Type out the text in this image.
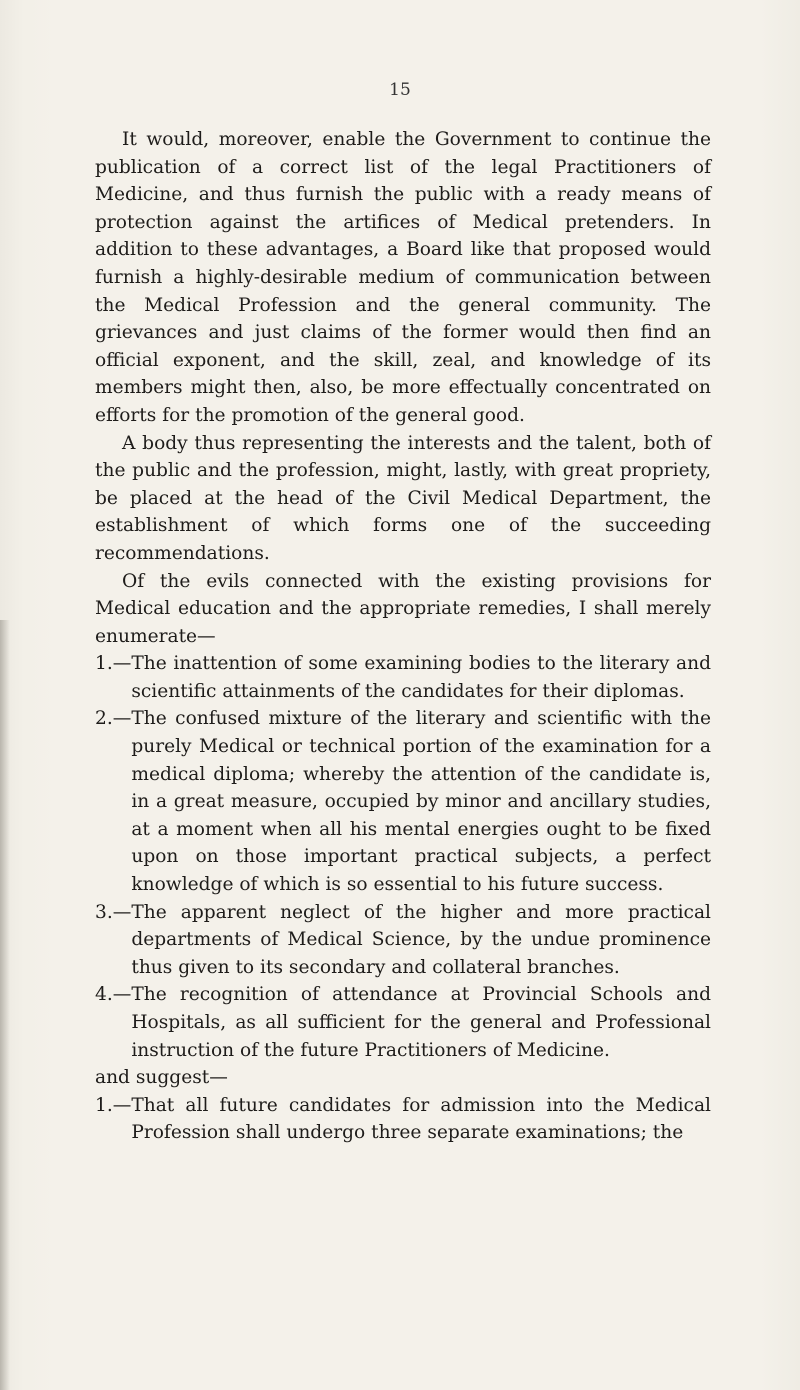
15

It would, moreover, enable the Government to continue the publication of a correct list of the legal Practitioners of Medicine, and thus furnish the public with a ready means of protection against the artifices of Medical pretenders. In addition to these advantages, a Board like that proposed would furnish a highly-desirable medium of communication between the Medical Profession and the general community. The grievances and just claims of the former would then find an official exponent, and the skill, zeal, and knowledge of its members might then, also, be more effectually concentrated on efforts for the promotion of the general good.

A body thus representing the interests and the talent, both of the public and the profession, might, lastly, with great propriety, be placed at the head of the Civil Medical Department, the establishment of which forms one of the succeeding recommendations.

Of the evils connected with the existing provisions for Medical education and the appropriate remedies, I shall merely enumerate—

1.— The inattention of some examining bodies to the literary and scientific attainments of the candidates for their diplomas.
2.— The confused mixture of the literary and scientific with the purely Medical or technical portion of the examination for a medical diploma; whereby the attention of the candidate is, in a great measure, occupied by minor and ancillary studies, at a moment when all his mental energies ought to be fixed upon on those important practical subjects, a perfect knowledge of which is so essential to his future success.
3.— The apparent neglect of the higher and more practical departments of Medical Science, by the undue prominence thus given to its secondary and collateral branches.
4.— The recognition of attendance at Provincial Schools and Hospitals, as all sufficient for the general and Professional instruction of the future Practitioners of Medicine.

and suggest—

1.— That all future candidates for admission into the Medical Profession shall undergo three separate examinations; the
